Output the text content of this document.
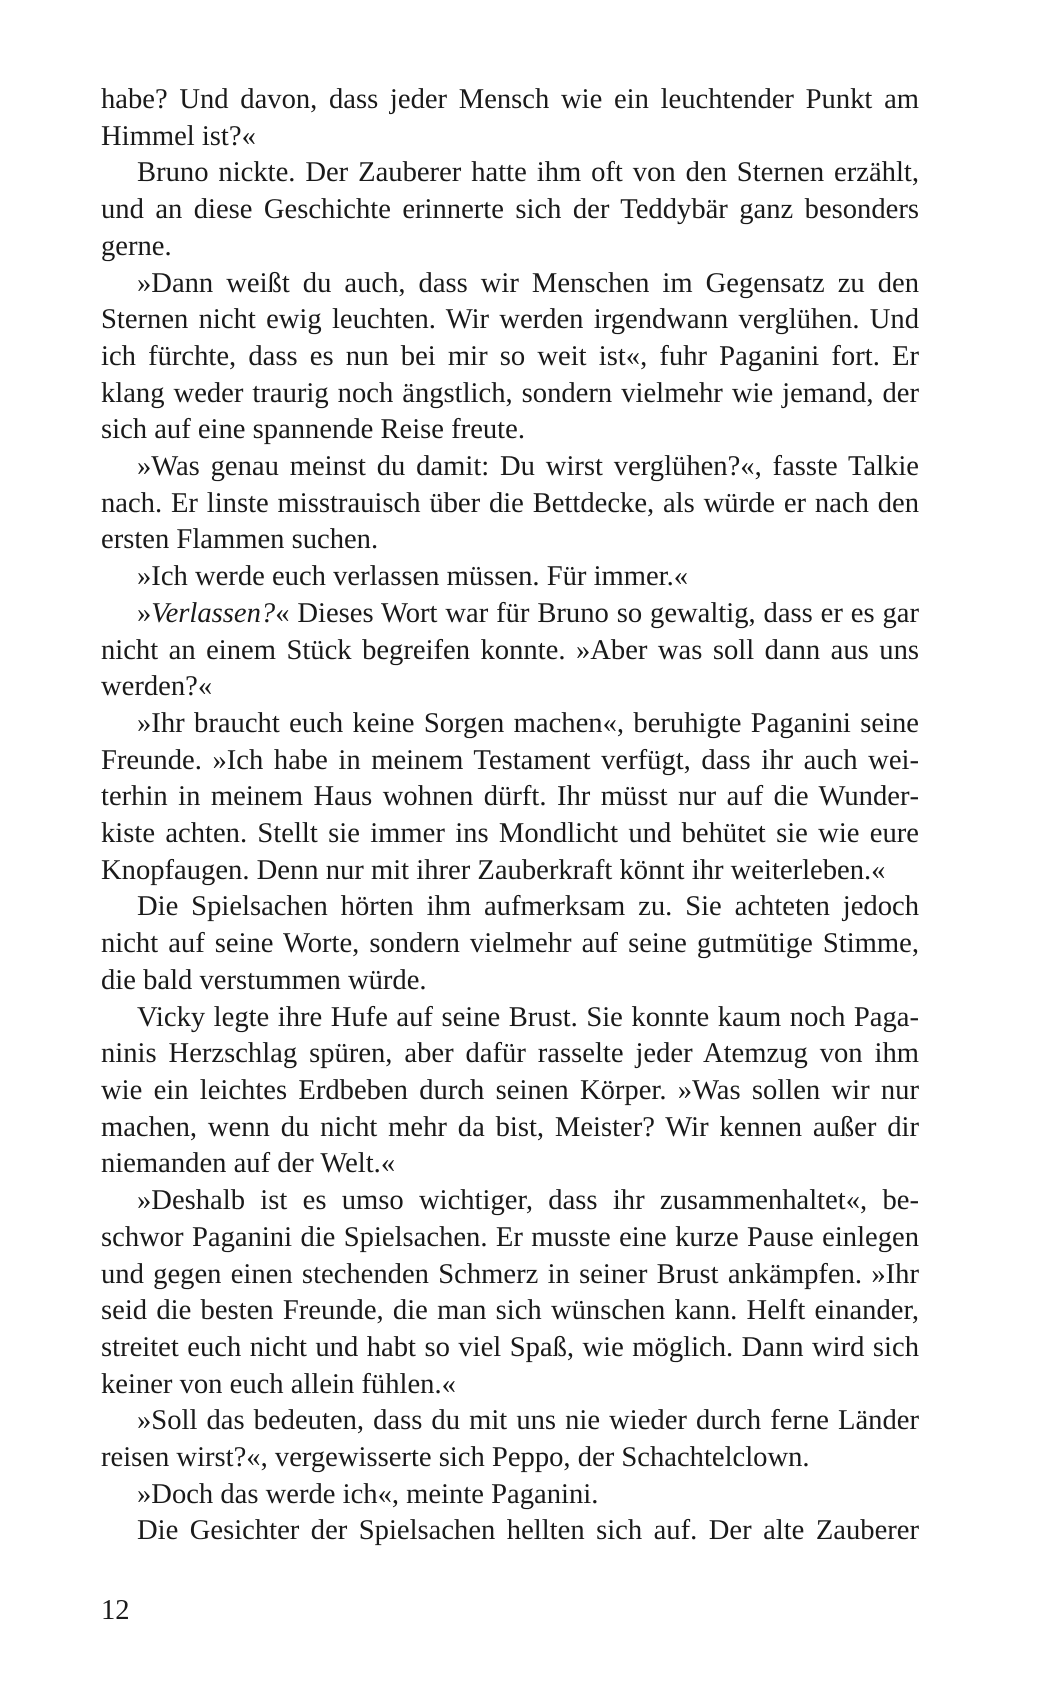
habe? Und davon, dass jeder Mensch wie ein leuchtender Punkt am Himmel ist?«

Bruno nickte. Der Zauberer hatte ihm oft von den Sternen erzählt, und an diese Geschichte erinnerte sich der Teddybär ganz besonders gerne.

»Dann weißt du auch, dass wir Menschen im Gegensatz zu den Sternen nicht ewig leuchten. Wir werden irgendwann verglühen. Und ich fürchte, dass es nun bei mir so weit ist«, fuhr Paganini fort. Er klang weder traurig noch ängstlich, sondern vielmehr wie jemand, der sich auf eine spannende Reise freute.

»Was genau meinst du damit: Du wirst verglühen?«, fasste Talkie nach. Er linste misstrauisch über die Bettdecke, als würde er nach den ersten Flammen suchen.

»Ich werde euch verlassen müssen. Für immer.«

»Verlassen?« Dieses Wort war für Bruno so gewaltig, dass er es gar nicht an einem Stück begreifen konnte. »Aber was soll dann aus uns werden?«

»Ihr braucht euch keine Sorgen machen«, beruhigte Paganini seine Freunde. »Ich habe in meinem Testament verfügt, dass ihr auch weiterhin in meinem Haus wohnen dürft. Ihr müsst nur auf die Wunderkiste achten. Stellt sie immer ins Mondlicht und behütet sie wie eure Knopfaugen. Denn nur mit ihrer Zauberkraft könnt ihr weiterleben.«

Die Spielsachen hörten ihm aufmerksam zu. Sie achteten jedoch nicht auf seine Worte, sondern vielmehr auf seine gutmütige Stimme, die bald verstummen würde.

Vicky legte ihre Hufe auf seine Brust. Sie konnte kaum noch Paganinis Herzschlag spüren, aber dafür rasselte jeder Atemzug von ihm wie ein leichtes Erdbeben durch seinen Körper. »Was sollen wir nur machen, wenn du nicht mehr da bist, Meister? Wir kennen außer dir niemanden auf der Welt.«

»Deshalb ist es umso wichtiger, dass ihr zusammenhaltet«, beschwor Paganini die Spielsachen. Er musste eine kurze Pause einlegen und gegen einen stechenden Schmerz in seiner Brust ankämpfen. »Ihr seid die besten Freunde, die man sich wünschen kann. Helft einander, streitet euch nicht und habt so viel Spaß, wie möglich. Dann wird sich keiner von euch allein fühlen.«

»Soll das bedeuten, dass du mit uns nie wieder durch ferne Länder reisen wirst?«, vergewisserte sich Peppo, der Schachtelclown.

»Doch das werde ich«, meinte Paganini.

Die Gesichter der Spielsachen hellten sich auf. Der alte Zauberer

12
